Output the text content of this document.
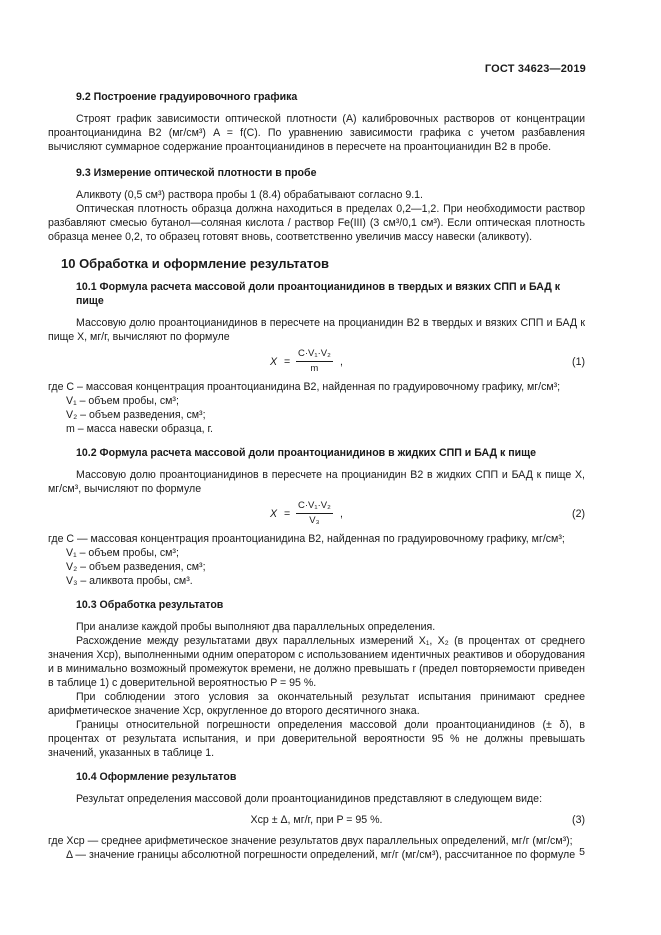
ГОСТ 34623—2019
9.2 Построение градуировочного графика

Строят график зависимости оптической плотности (A) калибровочных растворов от концентрации проантоцианидина В2 (мг/см³) A = f(C). По уравнению зависимости графика с учетом разбавления вычисляют суммарное содержание проантоцианидинов в пересчете на проантоцианидин В2 в пробе.

9.3 Измерение оптической плотности в пробе

Аликвоту (0,5 см³) раствора пробы 1 (8.4) обрабатывают согласно 9.1.

Оптическая плотность образца должна находиться в пределах 0,2—1,2. При необходимости раствор разбавляют смесью бутанол—соляная кислота / раствор Fe(III) (3 см³/0,1 см³). Если оптическая плотность образца менее 0,2, то образец готовят вновь, соответственно увеличив массу навески (аликвоту).

10 Обработка и оформление результатов
10.1 Формула расчета массовой доли проантоцианидинов в твердых и вязких СПП и БАД к пище

Массовую долю проантоцианидинов в пересчете на процианидин В2 в твердых и вязких СПП и БАД к пище X, мг/г, вычисляют по формуле

$X = \frac{\text{C·V₁·V₂}}{m}$ ,	(1)

где C – массовая концентрация проантоцианидина В2, найденная по градуировочному графику, мг/см³;

V₁ – объем пробы, см³;

V₂ – объем разведения, см³;

m – масса навески образца, г.

10.2 Формула расчета массовой доли проантоцианидинов в жидких СПП и БАД к пище

Массовую долю проантоцианидинов в пересчете на процианидин В2 в жидких СПП и БАД к пище X, мг/см³, вычисляют по формуле

$X = \frac{\text{C·V₁·V₂}}{\text{V₃}}$ ,	(2)

где C — массовая концентрация проантоцианидина В2, найденная по градуировочному графику, мг/см³;

V₁ – объем пробы, см³;

V₂ – объем разведения, см³;

V₃ – аликвота пробы, см³.

10.3 Обработка результатов

При анализе каждой пробы выполняют два параллельных определения.

Расхождение между результатами двух параллельных измерений X₁, X₂ (в процентах от среднего значения Xср), выполненными одним оператором с использованием идентичных реактивов и оборудования и в минимально возможный промежуток времени, не должно превышать r (предел повторяемости приведен в таблице 1) с доверительной вероятностью P = 95 %.

При соблюдении этого условия за окончательный результат испытания принимают среднее арифметическое значение Xср, округленное до второго десятичного знака.

Границы относительной погрешности определения массовой доли проантоцианидинов (± δ), в процентах от результата испытания, и при доверительной вероятности 95 % не должны превышать значений, указанных в таблице 1.

10.4 Оформление результатов

Результат определения массовой доли проантоцианидинов представляют в следующем виде:

Xср ± Δ, мг/г, при P = 95 %.	(3)

где Xср — среднее арифметическое значение результатов двух параллельных определений, мг/г (мг/см³);

Δ — значение границы абсолютной погрешности определений, мг/г (мг/см³), рассчитанное по формуле 5
